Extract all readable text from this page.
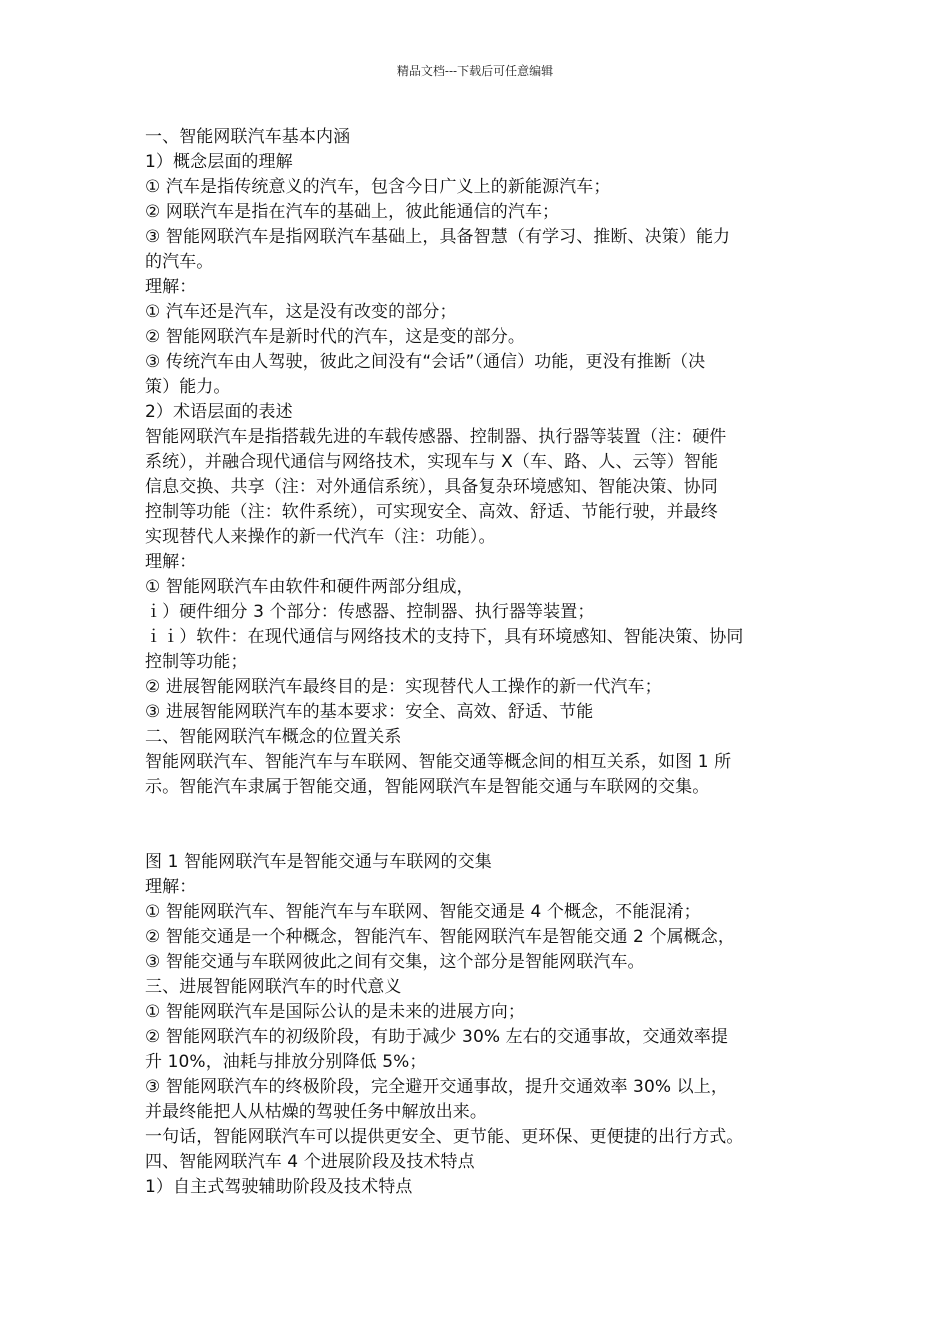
精品文档---下载后可任意编辑
一、智能网联汽车基本内涵
1）概念层面的理解
① 汽车是指传统意义的汽车，包含今日广义上的新能源汽车；
② 网联汽车是指在汽车的基础上，彼此能通信的汽车；
③ 智能网联汽车是指网联汽车基础上，具备智慧（有学习、推断、决策）能力
的汽车。
理解：
① 汽车还是汽车，这是没有改变的部分；
② 智能网联汽车是新时代的汽车，这是变的部分。
③ 传统汽车由人驾驶，彼此之间没有“会话”（通信）功能，更没有推断（决
策）能力。
2）术语层面的表述
智能网联汽车是指搭载先进的车载传感器、控制器、执行器等装置（注：硬件
系统），并融合现代通信与网络技术，实现车与 X（车、路、人、云等）智能
信息交换、共享（注：对外通信系统），具备复杂环境感知、智能决策、协同
控制等功能（注：软件系统），可实现安全、高效、舒适、节能行驶，并最终
实现替代人来操作的新一代汽车（注：功能）。
理解：
① 智能网联汽车由软件和硬件两部分组成，
ｉ）硬件细分 3 个部分：传感器、控制器、执行器等装置；
ｉｉ）软件：在现代通信与网络技术的支持下，具有环境感知、智能决策、协同
控制等功能；
② 进展智能网联汽车最终目的是：实现替代人工操作的新一代汽车；
③ 进展智能网联汽车的基本要求：安全、高效、舒适、节能
二、智能网联汽车概念的位置关系
智能网联汽车、智能汽车与车联网、智能交通等概念间的相互关系，如图 1 所
示。智能汽车隶属于智能交通，智能网联汽车是智能交通与车联网的交集。
图 1 智能网联汽车是智能交通与车联网的交集
理解：
① 智能网联汽车、智能汽车与车联网、智能交通是 4 个概念，不能混淆；
② 智能交通是一个种概念，智能汽车、智能网联汽车是智能交通 2 个属概念，
③ 智能交通与车联网彼此之间有交集，这个部分是智能网联汽车。
三、进展智能网联汽车的时代意义
① 智能网联汽车是国际公认的是未来的进展方向；
② 智能网联汽车的初级阶段，有助于减少 30% 左右的交通事故，交通效率提
升 10%，油耗与排放分别降低 5%；
③ 智能网联汽车的终极阶段，完全避开交通事故，提升交通效率 30% 以上，
并最终能把人从枯燥的驾驶任务中解放出来。
一句话，智能网联汽车可以提供更安全、更节能、更环保、更便捷的出行方式。
四、智能网联汽车 4 个进展阶段及技术特点
1）自主式驾驶辅助阶段及技术特点
